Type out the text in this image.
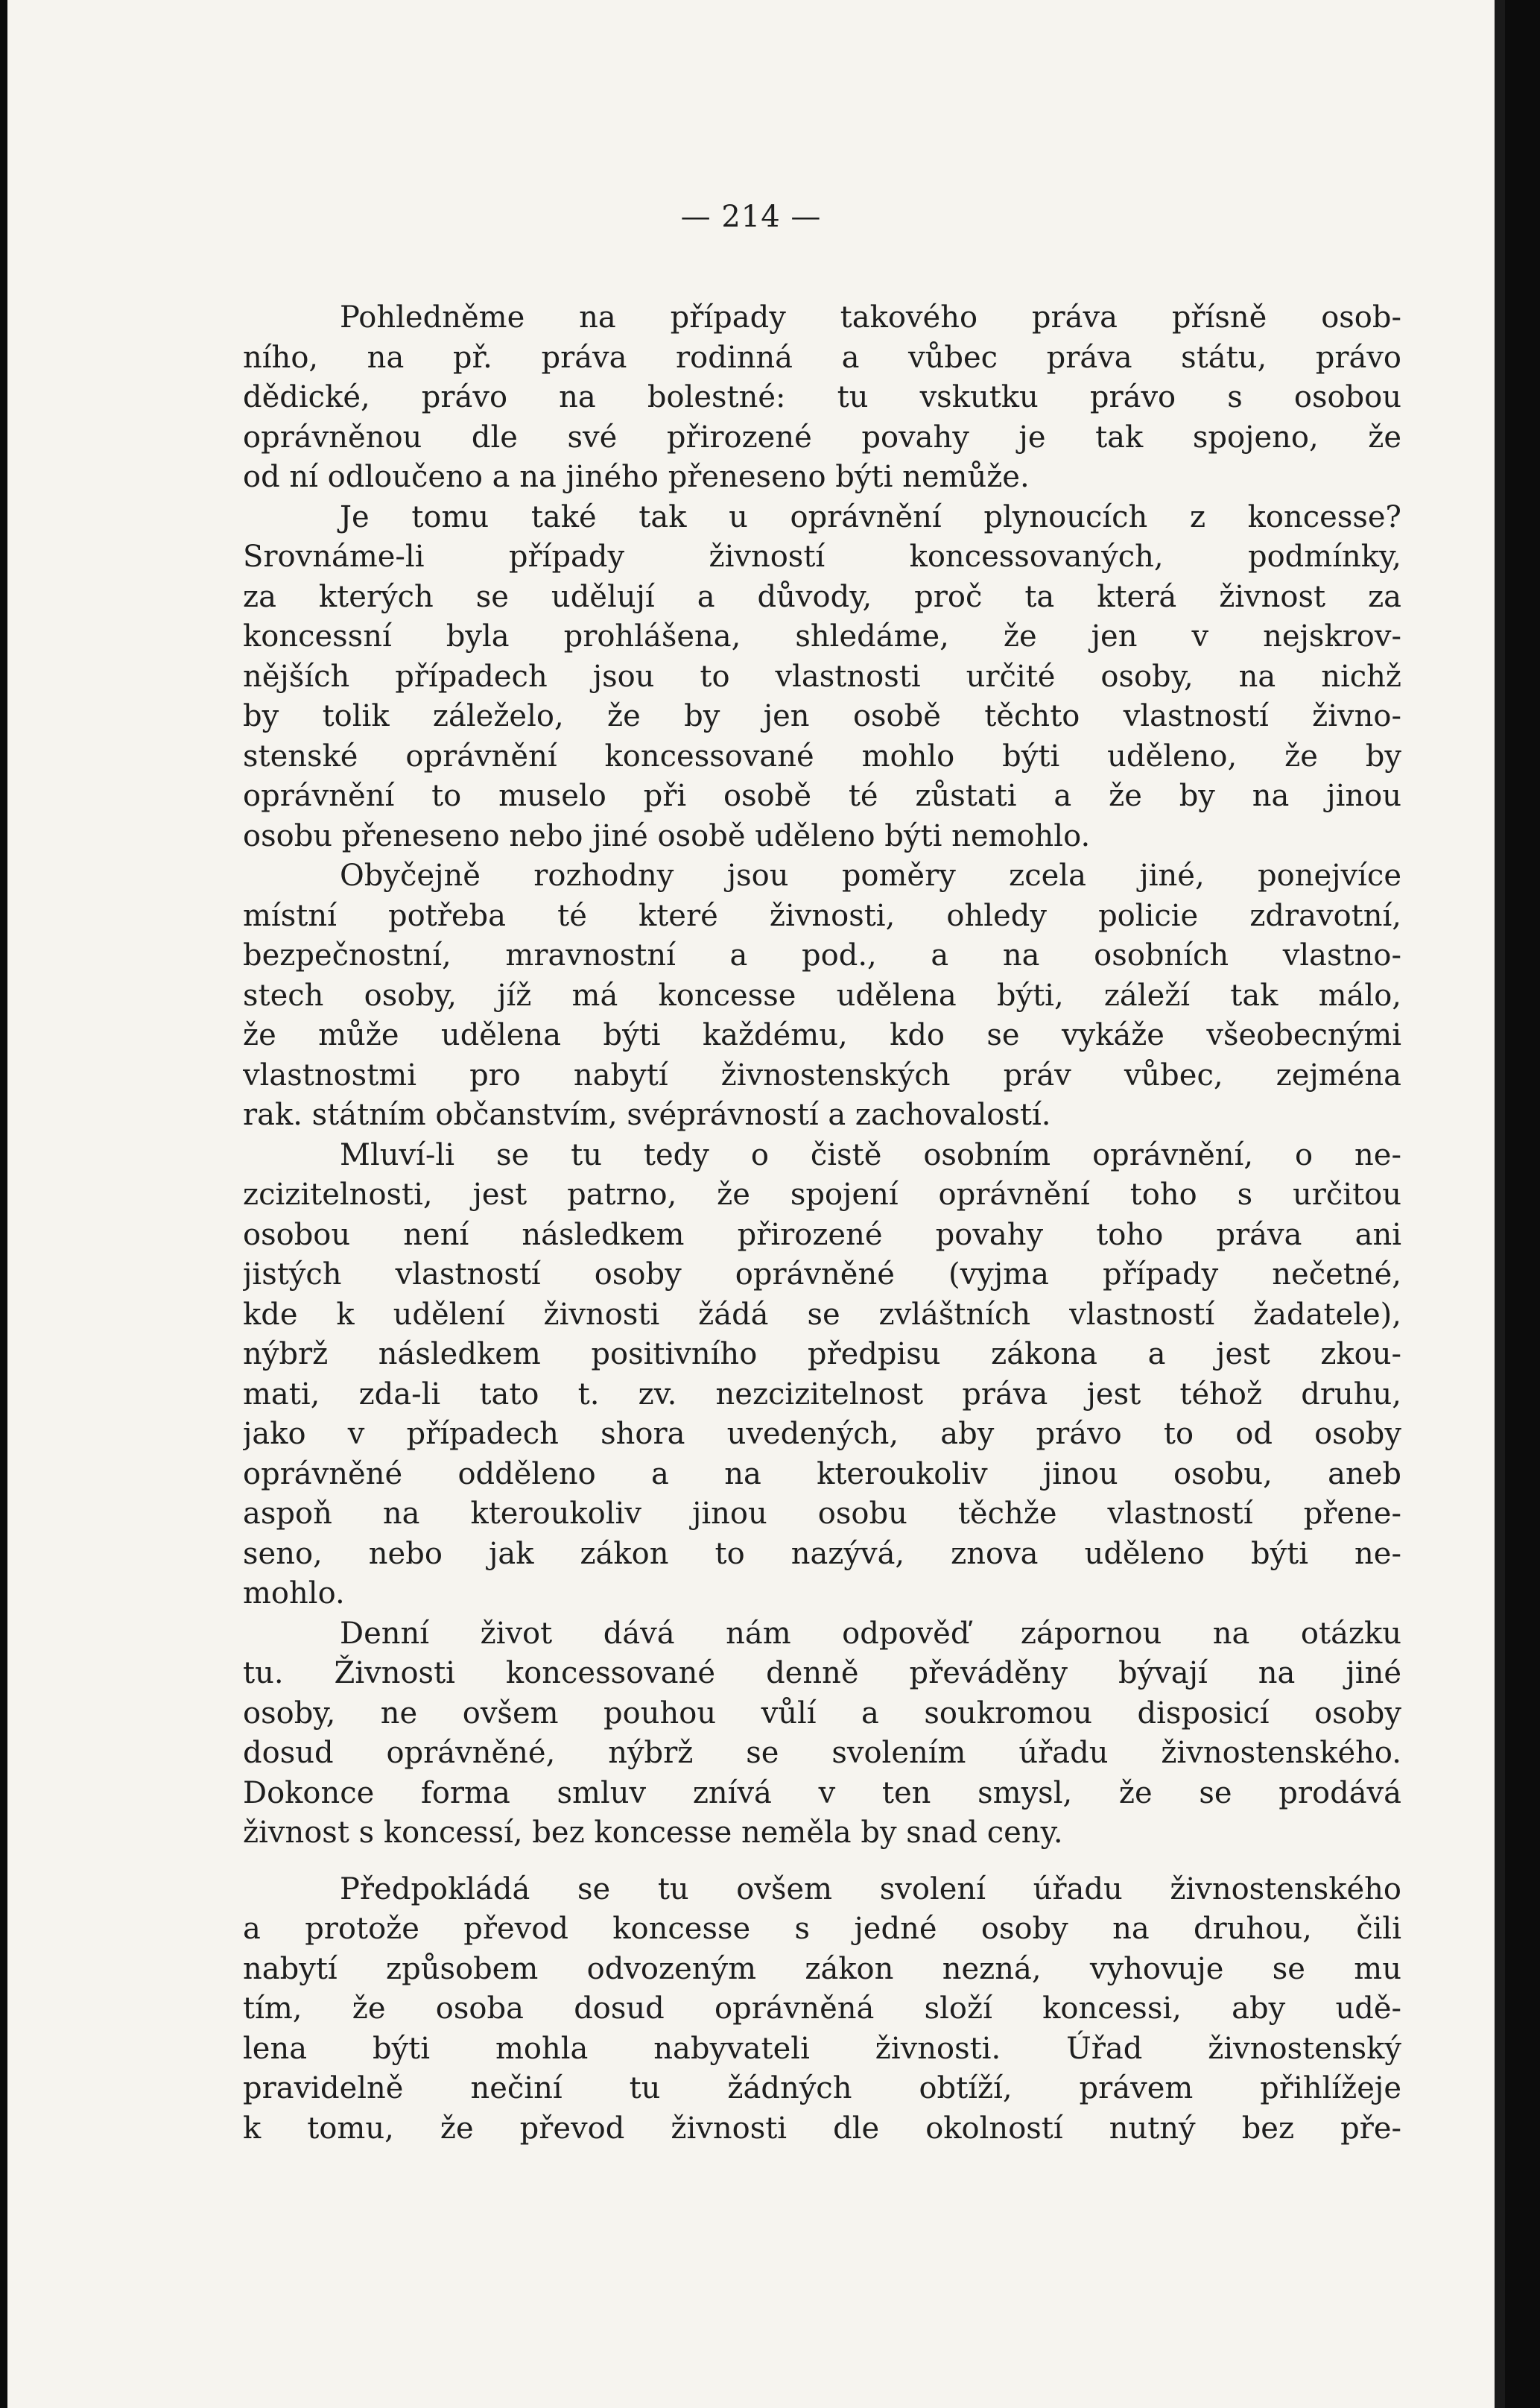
— 214 —
Pohledněme na případy takového práva přísně osob-
ního, na př. práva rodinná a vůbec práva státu, právo
dědické, právo na bolestné: tu vskutku právo s osobou
oprávněnou dle své přirozené povahy je tak spojeno, že
od ní odloučeno a na jiného přeneseno býti nemůže.
Je tomu také tak u oprávnění plynoucích z koncesse?
Srovnáme-li případy živností koncessovaných, podmínky,
za kterých se udělují a důvody, proč ta která živnost za
koncessní byla prohlášena, shledáme, že jen v nejskrov-
nějších případech jsou to vlastnosti určité osoby, na nichž
by tolik záleželo, že by jen osobě těchto vlastností živno-
stenské oprávnění koncessované mohlo býti uděleno, že by
oprávnění to muselo při osobě té zůstati a že by na jinou
osobu přeneseno nebo jiné osobě uděleno býti nemohlo.
Obyčejně rozhodny jsou poměry zcela jiné, ponejvíce
místní potřeba té které živnosti, ohledy policie zdravotní,
bezpečnostní, mravnostní a pod., a na osobních vlastno-
stech osoby, jíž má koncesse udělena býti, záleží tak málo,
že může udělena býti každému, kdo se vykáže všeobecnými
vlastnostmi pro nabytí živnostenských práv vůbec, zejména
rak. státním občanstvím, svéprávností a zachovalostí.
Mluví-li se tu tedy o čistě osobním oprávnění, o ne-
zcizitelnosti, jest patrno, že spojení oprávnění toho s určitou
osobou není následkem přirozené povahy toho práva ani
jistých vlastností osoby oprávněné (vyjma případy nečetné,
kde k udělení živnosti žádá se zvláštních vlastností žadatele),
nýbrž následkem positivního předpisu zákona a jest zkou-
mati, zda-li tato t. zv. nezcizitelnost práva jest téhož druhu,
jako v případech shora uvedených, aby právo to od osoby
oprávněné odděleno a na kteroukoliv jinou osobu, aneb
aspoň na kteroukoliv jinou osobu těchže vlastností přene-
seno, nebo jak zákon to nazývá, znova uděleno býti ne-
mohlo.
Denní život dává nám odpověď zápornou na otázku
tu. Živnosti koncessované denně převáděny bývají na jiné
osoby, ne ovšem pouhou vůlí a soukromou disposicí osoby
dosud oprávněné, nýbrž se svolením úřadu živnostenského.
Dokonce forma smluv znívá v ten smysl, že se prodává
živnost s koncessí, bez koncesse neměla by snad ceny.
Předpokládá se tu ovšem svolení úřadu živnostenského
a protože převod koncesse s jedné osoby na druhou, čili
nabytí způsobem odvozeným zákon nezná, vyhovuje se mu
tím, že osoba dosud oprávněná složí koncessi, aby udě-
lena býti mohla nabyvateli živnosti. Úřad živnostenský
pravidelně nečiní tu žádných obtíží, právem přihlížeje
k tomu, že převod živnosti dle okolností nutný bez pře-
